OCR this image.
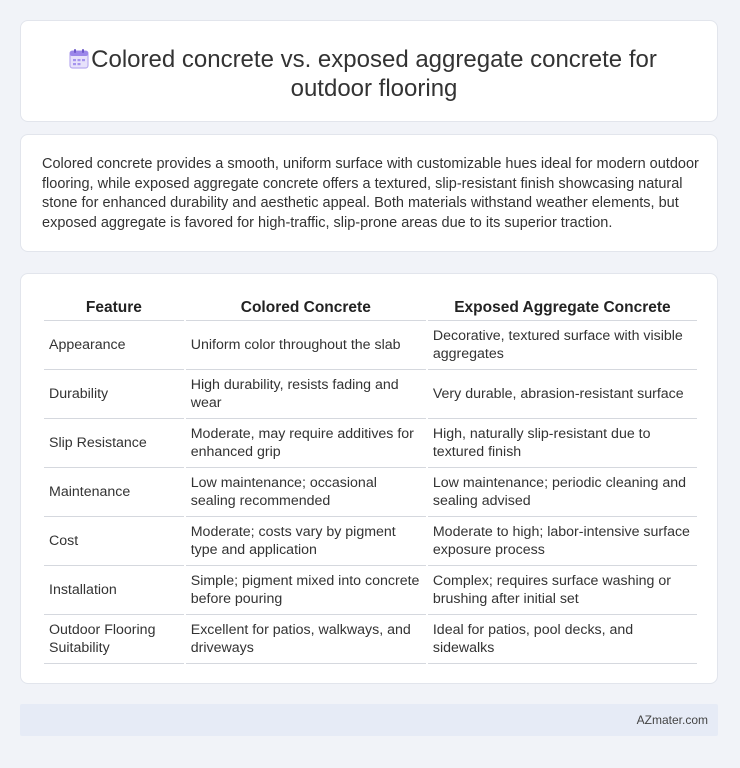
Colored concrete vs. exposed aggregate concrete for outdoor flooring
Colored concrete provides a smooth, uniform surface with customizable hues ideal for modern outdoor flooring, while exposed aggregate concrete offers a textured, slip-resistant finish showcasing natural stone for enhanced durability and aesthetic appeal. Both materials withstand weather elements, but exposed aggregate is favored for high-traffic, slip-prone areas due to its superior traction.
Feature	Colored Concrete	Exposed Aggregate Concrete
Appearance	Uniform color throughout the slab	Decorative, textured surface with visible aggregates
Durability	High durability, resists fading and wear	Very durable, abrasion-resistant surface
Slip Resistance	Moderate, may require additives for enhanced grip	High, naturally slip-resistant due to textured finish
Maintenance	Low maintenance; occasional sealing recommended	Low maintenance; periodic cleaning and sealing advised
Cost	Moderate; costs vary by pigment type and application	Moderate to high; labor-intensive surface exposure process
Installation	Simple; pigment mixed into concrete before pouring	Complex; requires surface washing or brushing after initial set
Outdoor Flooring Suitability	Excellent for patios, walkways, and driveways	Ideal for patios, pool decks, and sidewalks
AZmater.com
